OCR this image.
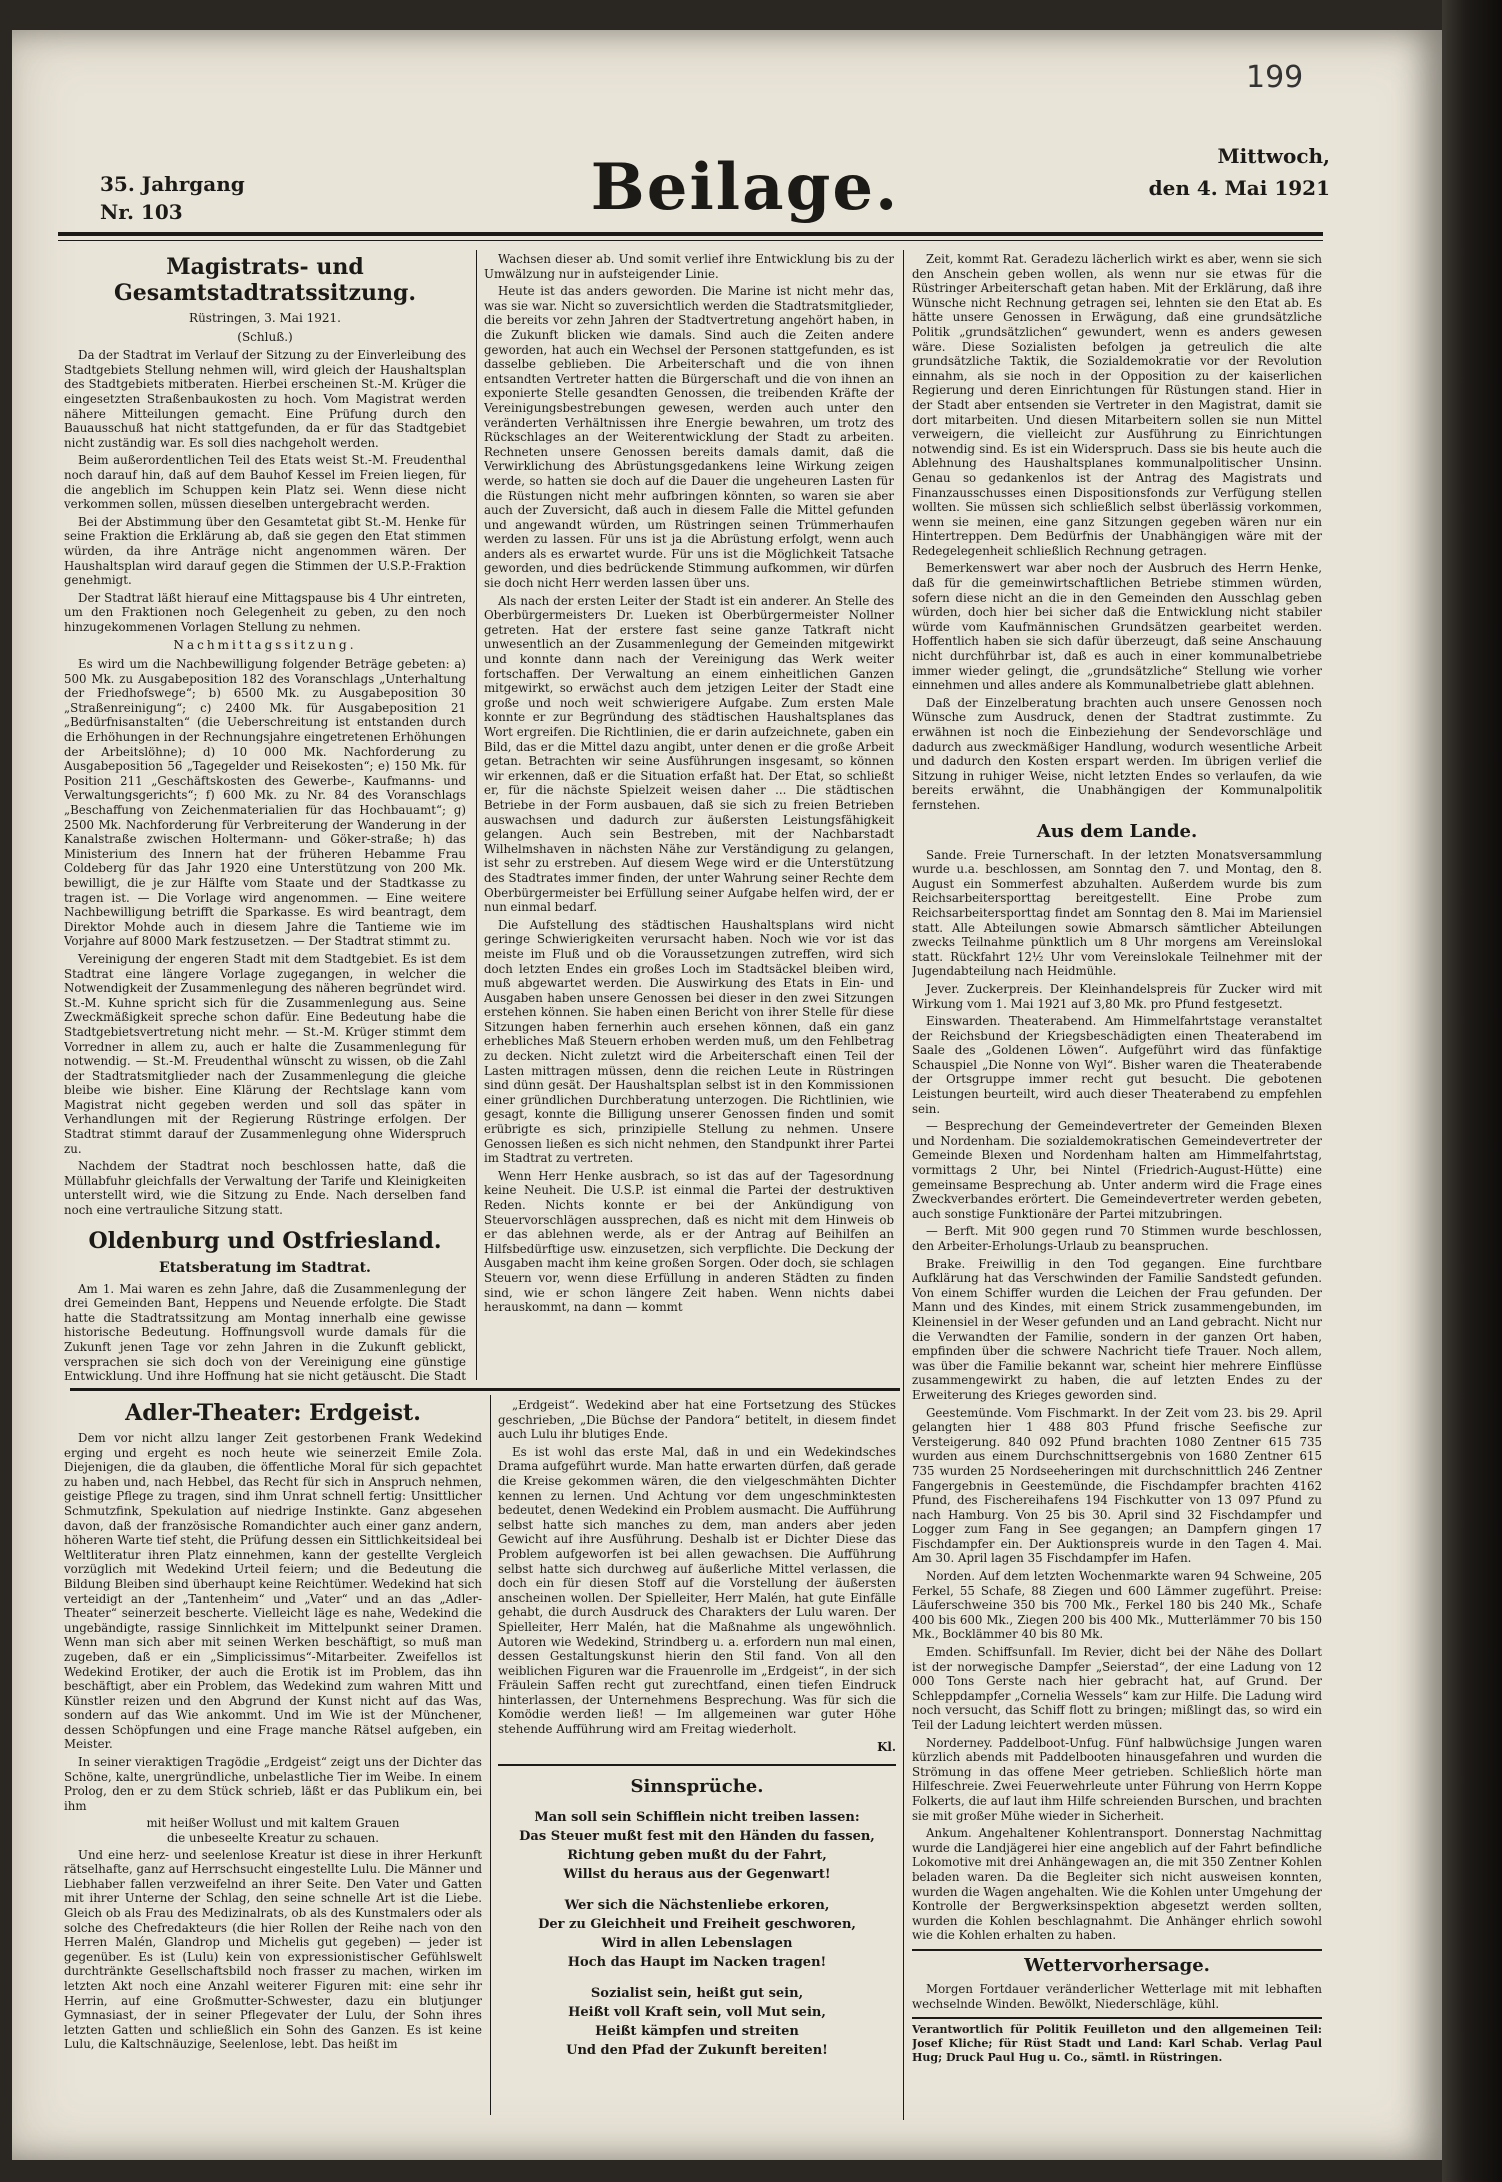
199
35. Jahrgang
Nr. 103	Beilage.	Mittwoch,
den 4. Mai 1921
Magistrats- und Gesamtstadtratssitzung.
Rüstringen, 3. Mai 1921.
(Schluß.)

Da der Stadtrat im Verlauf der Sitzung zu der Einverleibung des Stadtgebiets Stellung nehmen will, wird gleich der Haushaltsplan des Stadtgebiets mitberaten. Hierbei erscheinen St.-M. Krüger die eingesetzten Straßenbaukosten zu hoch. Vom Magistrat werden nähere Mitteilungen gemacht. Eine Prüfung durch den Bauausschuß hat nicht stattgefunden, da er für das Stadtgebiet nicht zuständig war. Es soll dies nachgeholt werden.

Beim außerordentlichen Teil des Etats weist St.-M. Freudenthal noch darauf hin, daß auf dem Bauhof Kessel im Freien liegen, für die angeblich im Schuppen kein Platz sei. Wenn diese nicht verkommen sollen, müssen dieselben untergebracht werden.

Bei der Abstimmung über den Gesamtetat gibt St.-M. Henke für seine Fraktion die Erklärung ab, daß sie gegen den Etat stimmen würden, da ihre Anträge nicht angenommen wären. Der Haushaltsplan wird darauf gegen die Stimmen der U.S.P.-Fraktion genehmigt.

Der Stadtrat läßt hierauf eine Mittagspause bis 4 Uhr eintreten, um den Fraktionen noch Gelegenheit zu geben, zu den noch hinzugekommenen Vorlagen Stellung zu nehmen.

Nachmittagssitzung.

Es wird um die Nachbewilligung folgender Beträge gebeten: a) 500 Mk. zu Ausgabeposition 182 des Voranschlags „Unterhaltung der Friedhofswege“; b) 6500 Mk. zu Ausgabeposition 30 „Straßenreinigung“; c) 2400 Mk. für Ausgabeposition 21 „Bedürfnisanstalten“ (die Ueberschreitung ist entstanden durch die Erhöhungen in der Rechnungsjahre eingetretenen Erhöhungen der Arbeitslöhne); d) 10 000 Mk. Nachforderung zu Ausgabeposition 56 „Tagegelder und Reisekosten“; e) 150 Mk. für Position 211 „Geschäftskosten des Gewerbe-, Kaufmanns- und Verwaltungsgerichts“; f) 600 Mk. zu Nr. 84 des Voranschlags „Beschaffung von Zeichenmaterialien für das Hochbauamt“; g) 2500 Mk. Nachforderung für Verbreiterung der Wanderung in der Kanalstraße zwischen Holtermann- und Göker-straße; h) das Ministerium des Innern hat der früheren Hebamme Frau Coldeberg für das Jahr 1920 eine Unterstützung von 200 Mk. bewilligt, die je zur Hälfte vom Staate und der Stadtkasse zu tragen ist. — Die Vorlage wird angenommen. — Eine weitere Nachbewilligung betrifft die Sparkasse. Es wird beantragt, dem Direktor Mohde auch in diesem Jahre die Tantieme wie im Vorjahre auf 8000 Mark festzusetzen. — Der Stadtrat stimmt zu.

Vereinigung der engeren Stadt mit dem Stadtgebiet. Es ist dem Stadtrat eine längere Vorlage zugegangen, in welcher die Notwendigkeit der Zusammenlegung des näheren begründet wird. St.-M. Kuhne spricht sich für die Zusammenlegung aus. Seine Zweckmäßigkeit spreche schon dafür. Eine Bedeutung habe die Stadtgebietsvertretung nicht mehr. — St.-M. Krüger stimmt dem Vorredner in allem zu, auch er halte die Zusammenlegung für notwendig. — St.-M. Freudenthal wünscht zu wissen, ob die Zahl der Stadtratsmitglieder nach der Zusammenlegung die gleiche bleibe wie bisher. Eine Klärung der Rechtslage kann vom Magistrat nicht gegeben werden und soll das später in Verhandlungen mit der Regierung Rüstringe erfolgen. Der Stadtrat stimmt darauf der Zusammenlegung ohne Widerspruch zu.

Nachdem der Stadtrat noch beschlossen hatte, daß die Müllabfuhr gleichfalls der Verwaltung der Tarife und Kleinigkeiten unterstellt wird, wie die Sitzung zu Ende. Nach derselben fand noch eine vertrauliche Sitzung statt.

Oldenburg und Ostfriesland.
Etatsberatung im Stadtrat.

Am 1. Mai waren es zehn Jahre, daß die Zusammenlegung der drei Gemeinden Bant, Heppens und Neuende erfolgte. Die Stadt hatte die Stadtratssitzung am Montag innerhalb eine gewisse historische Bedeutung. Hoffnungsvoll wurde damals für die Zukunft jenen Tage vor zehn Jahren in die Zukunft geblickt, versprachen sie sich doch von der Vereinigung eine günstige Entwicklung. Und ihre Hoffnung hat sie nicht getäuscht. Die Stadt

Wachsen dieser ab. Und somit verlief ihre Entwicklung bis zu der Umwälzung nur in aufsteigender Linie.

Heute ist das anders geworden. Die Marine ist nicht mehr das, was sie war. Nicht so zuversichtlich werden die Stadtratsmitglieder, die bereits vor zehn Jahren der Stadtvertretung angehört haben, in die Zukunft blicken wie damals. Sind auch die Zeiten andere geworden, hat auch ein Wechsel der Personen stattgefunden, es ist dasselbe geblieben. Die Arbeiterschaft und die von ihnen entsandten Vertreter hatten die Bürgerschaft und die von ihnen an exponierte Stelle gesandten Genossen, die treibenden Kräfte der Vereinigungsbestrebungen gewesen, werden auch unter den veränderten Verhältnissen ihre Energie bewahren, um trotz des Rückschlages an der Weiterentwicklung der Stadt zu arbeiten. Rechneten unsere Genossen bereits damals damit, daß die Verwirklichung des Abrüstungsgedankens leine Wirkung zeigen werde, so hatten sie doch auf die Dauer die ungeheuren Lasten für die Rüstungen nicht mehr aufbringen könnten, so waren sie aber auch der Zuversicht, daß auch in diesem Falle die Mittel gefunden und angewandt würden, um Rüstringen seinen Trümmerhaufen werden zu lassen. Für uns ist ja die Abrüstung erfolgt, wenn auch anders als es erwartet wurde. Für uns ist die Möglichkeit Tatsache geworden, und dies bedrückende Stimmung aufkommen, wir dürfen sie doch nicht Herr werden lassen über uns.

Als nach der ersten Leiter der Stadt ist ein anderer. An Stelle des Oberbürgermeisters Dr. Lueken ist Oberbürgermeister Nollner getreten. Hat der erstere fast seine ganze Tatkraft nicht unwesentlich an der Zusammenlegung der Gemeinden mitgewirkt und konnte dann nach der Vereinigung das Werk weiter fortschaffen. Der Verwaltung an einem einheitlichen Ganzen mitgewirkt, so erwächst auch dem jetzigen Leiter der Stadt eine große und noch weit schwierigere Aufgabe. Zum ersten Male konnte er zur Begründung des städtischen Haushaltsplanes das Wort ergreifen. Die Richtlinien, die er darin aufzeichnete, gaben ein Bild, das er die Mittel dazu angibt, unter denen er die große Arbeit getan. Betrachten wir seine Ausführungen insgesamt, so können wir erkennen, daß er die Situation erfaßt hat. Der Etat, so schließt er, für die nächste Spielzeit weisen daher ... Die städtischen Betriebe in der Form ausbauen, daß sie sich zu freien Betrieben auswachsen und dadurch zur äußersten Leistungsfähigkeit gelangen. Auch sein Bestreben, mit der Nachbarstadt Wilhelmshaven in nächsten Nähe zur Verständigung zu gelangen, ist sehr zu erstreben. Auf diesem Wege wird er die Unterstützung des Stadtrates immer finden, der unter Wahrung seiner Rechte dem Oberbürgermeister bei Erfüllung seiner Aufgabe helfen wird, der er nun einmal bedarf.

Die Aufstellung des städtischen Haushaltsplans wird nicht geringe Schwierigkeiten verursacht haben. Noch wie vor ist das meiste im Fluß und ob die Voraussetzungen zutreffen, wird sich doch letzten Endes ein großes Loch im Stadtsäckel bleiben wird, muß abgewartet werden. Die Auswirkung des Etats in Ein- und Ausgaben haben unsere Genossen bei dieser in den zwei Sitzungen erstehen können. Sie haben einen Bericht von ihrer Stelle für diese Sitzungen haben fernerhin auch ersehen können, daß ein ganz erhebliches Maß Steuern erhoben werden muß, um den Fehlbetrag zu decken. Nicht zuletzt wird die Arbeiterschaft einen Teil der Lasten mittragen müssen, denn die reichen Leute in Rüstringen sind dünn gesät. Der Haushaltsplan selbst ist in den Kommissionen einer gründlichen Durchberatung unterzogen. Die Richtlinien, wie gesagt, konnte die Billigung unserer Genossen finden und somit erübrigte es sich, prinzipielle Stellung zu nehmen. Unsere Genossen ließen es sich nicht nehmen, den Standpunkt ihrer Partei im Stadtrat zu vertreten.

Wenn Herr Henke ausbrach, so ist das auf der Tagesordnung keine Neuheit. Die U.S.P. ist einmal die Partei der destruktiven Reden. Nichts konnte er bei der Ankündigung von Steuervorschlägen aussprechen, daß es nicht mit dem Hinweis ob er das ablehnen werde, als er der Antrag auf Beihilfen an Hilfsbedürftige usw. einzusetzen, sich verpflichte. Die Deckung der Ausgaben macht ihm keine großen Sorgen. Oder doch, sie schlagen Steuern vor, wenn diese Erfüllung in anderen Städten zu finden sind, wie er schon längere Zeit haben. Wenn nichts dabei herauskommt, na dann — kommt

Zeit, kommt Rat. Geradezu lächerlich wirkt es aber, wenn sie sich den Anschein geben wollen, als wenn nur sie etwas für die Rüstringer Arbeiterschaft getan haben. Mit der Erklärung, daß ihre Wünsche nicht Rechnung getragen sei, lehnten sie den Etat ab. Es hätte unsere Genossen in Erwägung, daß eine grundsätzliche Politik „grundsätzlichen“ gewundert, wenn es anders gewesen wäre. Diese Sozialisten befolgen ja getreulich die alte grundsätzliche Taktik, die Sozialdemokratie vor der Revolution einnahm, als sie noch in der Opposition zu der kaiserlichen Regierung und deren Einrichtungen für Rüstungen stand. Hier in der Stadt aber entsenden sie Vertreter in den Magistrat, damit sie dort mitarbeiten. Und diesen Mitarbeitern sollen sie nun Mittel verweigern, die vielleicht zur Ausführung zu Einrichtungen notwendig sind. Es ist ein Widerspruch. Dass sie bis heute auch die Ablehnung des Haushaltsplanes kommunalpolitischer Unsinn. Genau so gedankenlos ist der Antrag des Magistrats und Finanzausschusses einen Dispositionsfonds zur Verfügung stellen wollten. Sie müssen sich schließlich selbst überlässig vorkommen, wenn sie meinen, eine ganz Sitzungen gegeben wären nur ein Hintertreppen. Dem Bedürfnis der Unabhängigen wäre mit der Redegelegenheit schließlich Rechnung getragen.

Bemerkenswert war aber noch der Ausbruch des Herrn Henke, daß für die gemeinwirtschaftlichen Betriebe stimmen würden, sofern diese nicht an die in den Gemeinden den Ausschlag geben würden, doch hier bei sicher daß die Entwicklung nicht stabiler würde vom Kaufmännischen Grundsätzen gearbeitet werden. Hoffentlich haben sie sich dafür überzeugt, daß seine Anschauung nicht durchführbar ist, daß es auch in einer kommunalbetriebe immer wieder gelingt, die „grundsätzliche“ Stellung wie vorher einnehmen und alles andere als Kommunalbetriebe glatt ablehnen.

Daß der Einzelberatung brachten auch unsere Genossen noch Wünsche zum Ausdruck, denen der Stadtrat zustimmte. Zu erwähnen ist noch die Einbeziehung der Sendevorschläge und dadurch aus zweckmäßiger Handlung, wodurch wesentliche Arbeit und dadurch den Kosten erspart werden. Im übrigen verlief die Sitzung in ruhiger Weise, nicht letzten Endes so verlaufen, da wie bereits erwähnt, die Unabhängigen der Kommunalpolitik fernstehen.

Aus dem Lande.

Sande. Freie Turnerschaft. In der letzten Monatsversammlung wurde u.a. beschlossen, am Sonntag den 7. und Montag, den 8. August ein Sommerfest abzuhalten. Außerdem wurde bis zum Reichsarbeitersporttag bereitgestellt. Eine Probe zum Reichsarbeitersporttag findet am Sonntag den 8. Mai im Mariensiel statt. Alle Abteilungen sowie Abmarsch sämtlicher Abteilungen zwecks Teilnahme pünktlich um 8 Uhr morgens am Vereinslokal statt. Rückfahrt 12½ Uhr vom Vereinslokale Teilnehmer mit der Jugendabteilung nach Heidmühle.

Jever. Zuckerpreis. Der Kleinhandelspreis für Zucker wird mit Wirkung vom 1. Mai 1921 auf 3,80 Mk. pro Pfund festgesetzt.

Einswarden. Theaterabend. Am Himmelfahrtstage veranstaltet der Reichsbund der Kriegsbeschädigten einen Theaterabend im Saale des „Goldenen Löwen“. Aufgeführt wird das fünfaktige Schauspiel „Die Nonne von Wyl“. Bisher waren die Theaterabende der Ortsgruppe immer recht gut besucht. Die gebotenen Leistungen beurteilt, wird auch dieser Theaterabend zu empfehlen sein.

— Besprechung der Gemeindevertreter der Gemeinden Blexen und Nordenham. Die sozialdemokratischen Gemeindevertreter der Gemeinde Blexen und Nordenham halten am Himmelfahrtstag, vormittags 2 Uhr, bei Nintel (Friedrich-August-Hütte) eine gemeinsame Besprechung ab. Unter anderm wird die Frage eines Zweckverbandes erörtert. Die Gemeindevertreter werden gebeten, auch sonstige Funktionäre der Partei mitzubringen.

— Berft. Mit 900 gegen rund 70 Stimmen wurde beschlossen, den Arbeiter-Erholungs-Urlaub zu beanspruchen.

Brake. Freiwillig in den Tod gegangen. Eine furchtbare Aufklärung hat das Verschwinden der Familie Sandstedt gefunden. Von einem Schiffer wurden die Leichen der Frau gefunden. Der Mann und des Kindes, mit einem Strick zusammengebunden, im Kleinensiel in der Weser gefunden und an Land gebracht. Nicht nur die Verwandten der Familie, sondern in der ganzen Ort haben, empfinden über die schwere Nachricht tiefe Trauer. Noch allem, was über die Familie bekannt war, scheint hier mehrere Einflüsse zusammengewirkt zu haben, die auf letzten Endes zu der Erweiterung des Krieges geworden sind.

Geestemünde. Vom Fischmarkt. In der Zeit vom 23. bis 29. April gelangten hier 1 488 803 Pfund frische Seefische zur Versteigerung. 840 092 Pfund brachten 1080 Zentner 615 735 wurden aus einem Durchschnittsergebnis von 1680 Zentner 615 735 wurden 25 Nordseeheringen mit durchschnittlich 246 Zentner Fangergebnis in Geestemünde, die Fischdampfer brachten 4162 Pfund, des Fischereihafens 194 Fischkutter von 13 097 Pfund zu nach Hamburg. Von 25 bis 30. April sind 32 Fischdampfer und Logger zum Fang in See gegangen; an Dampfern gingen 17 Fischdampfer ein. Der Auktionspreis wurde in den Tagen 4. Mai. Am 30. April lagen 35 Fischdampfer im Hafen.

Norden. Auf dem letzten Wochenmarkte waren 94 Schweine, 205 Ferkel, 55 Schafe, 88 Ziegen und 600 Lämmer zugeführt. Preise: Läuferschweine 350 bis 700 Mk., Ferkel 180 bis 240 Mk., Schafe 400 bis 600 Mk., Ziegen 200 bis 400 Mk., Mutterlämmer 70 bis 150 Mk., Bocklämmer 40 bis 80 Mk.

Emden. Schiffsunfall. Im Revier, dicht bei der Nähe des Dollart ist der norwegische Dampfer „Seierstad“, der eine Ladung von 12 000 Tons Gerste nach hier gebracht hat, auf Grund. Der Schleppdampfer „Cornelia Wessels“ kam zur Hilfe. Die Ladung wird noch versucht, das Schiff flott zu bringen; mißlingt das, so wird ein Teil der Ladung leichtert werden müssen.

Norderney. Paddelboot-Unfug. Fünf halbwüchsige Jungen waren kürzlich abends mit Paddelbooten hinausgefahren und wurden die Strömung in das offene Meer getrieben. Schließlich hörte man Hilfeschreie. Zwei Feuerwehrleute unter Führung von Herrn Koppe Folkerts, die auf laut ihm Hilfe schreienden Burschen, und brachten sie mit großer Mühe wieder in Sicherheit.

Ankum. Angehaltener Kohlentransport. Donnerstag Nachmittag wurde die Landjägerei hier eine angeblich auf der Fahrt befindliche Lokomotive mit drei Anhängewagen an, die mit 350 Zentner Kohlen beladen waren. Da die Begleiter sich nicht ausweisen konnten, wurden die Wagen angehalten. Wie die Kohlen unter Umgehung der Kontrolle der Bergwerksinspektion abgesetzt werden sollten, wurden die Kohlen beschlagnahmt. Die Anhänger ehrlich sowohl wie die Kohlen erhalten zu haben.

Wettervorhersage.

Morgen Fortdauer veränderlicher Wetterlage mit mit lebhaften wechselnde Winden. Bewölkt, Niederschläge, kühl.

Verantwortlich für Politik Feuilleton und den allgemeinen Teil: Josef Kliche; für Rüst Stadt und Land: Karl Schab. Verlag Paul Hug; Druck Paul Hug u. Co., sämtl. in Rüstringen.
Adler-Theater: Erdgeist.

Dem vor nicht allzu langer Zeit gestorbenen Frank Wedekind erging und ergeht es noch heute wie seinerzeit Emile Zola. Diejenigen, die da glauben, die öffentliche Moral für sich gepachtet zu haben und, nach Hebbel, das Recht für sich in Anspruch nehmen, geistige Pflege zu tragen, sind ihm Unrat schnell fertig: Unsittlicher Schmutzfink, Spekulation auf niedrige Instinkte. Ganz abgesehen davon, daß der französische Romandichter auch einer ganz andern, höheren Warte tief steht, die Prüfung dessen ein Sittlichkeitsideal bei Weltliteratur ihren Platz einnehmen, kann der gestellte Vergleich vorzüglich mit Wedekind Urteil feiern; und die Bedeutung die Bildung Bleiben sind überhaupt keine Reichtümer. Wedekind hat sich verteidigt an der „Tantenheim“ und „Vater“ und an das „Adler-Theater“ seinerzeit bescherte. Vielleicht läge es nahe, Wedekind die ungebändigte, rassige Sinnlichkeit im Mittelpunkt seiner Dramen. Wenn man sich aber mit seinen Werken beschäftigt, so muß man zugeben, daß er ein „Simplicissimus“-Mitarbeiter. Zweifellos ist Wedekind Erotiker, der auch die Erotik ist im Problem, das ihn beschäftigt, aber ein Problem, das Wedekind zum wahren Mitt und Künstler reizen und den Abgrund der Kunst nicht auf das Was, sondern auf das Wie ankommt. Und im Wie ist der Münchener, dessen Schöpfungen und eine Frage manche Rätsel aufgeben, ein Meister.

In seiner vieraktigen Tragödie „Erdgeist“ zeigt uns der Dichter das Schöne, kalte, unergründliche, unbelastliche Tier im Weibe. In einem Prolog, den er zu dem Stück schrieb, läßt er das Publikum ein, bei ihm

mit heißer Wollust und mit kaltem Grauen
die unbeseelte Kreatur zu schauen.

Und eine herz- und seelenlose Kreatur ist diese in ihrer Herkunft rätselhafte, ganz auf Herrschsucht eingestellte Lulu. Die Männer und Liebhaber fallen verzweifelnd an ihrer Seite. Den Vater und Gatten mit ihrer Unterne der Schlag, den seine schnelle Art ist die Liebe. Gleich ob als Frau des Medizinalrats, ob als des Kunstmalers oder als solche des Chefredakteurs (die hier Rollen der Reihe nach von den Herren Malén, Glandrop und Michelis gut gegeben) — jeder ist gegenüber. Es ist (Lulu) kein von expressionistischer Gefühlswelt durchtränkte Gesellschaftsbild noch frasser zu machen, wirken im letzten Akt noch eine Anzahl weiterer Figuren mit: eine sehr ihr Herrin, auf eine Großmutter-Schwester, dazu ein blutjunger Gymnasiast, der in seiner Pflegevater der Lulu, der Sohn ihres letzten Gatten und schließlich ein Sohn des Ganzen. Es ist keine Lulu, die Kaltschnäuzige, Seelenlose, lebt. Das heißt im

„Erdgeist“. Wedekind aber hat eine Fortsetzung des Stückes geschrieben, „Die Büchse der Pandora“ betitelt, in diesem findet auch Lulu ihr blutiges Ende.

Es ist wohl das erste Mal, daß in und ein Wedekindsches Drama aufgeführt wurde. Man hatte erwarten dürfen, daß gerade die Kreise gekommen wären, die den vielgeschmähten Dichter kennen zu lernen. Und Achtung vor dem ungeschminktesten bedeutet, denen Wedekind ein Problem ausmacht. Die Aufführung selbst hatte sich manches zu dem, man anders aber jeden Gewicht auf ihre Ausführung. Deshalb ist er Dichter Diese das Problem aufgeworfen ist bei allen gewachsen. Die Aufführung selbst hatte sich durchweg auf äußerliche Mittel verlassen, die doch ein für diesen Stoff auf die Vorstellung der äußersten anscheinen wollen. Der Spielleiter, Herr Malén, hat gute Einfälle gehabt, die durch Ausdruck des Charakters der Lulu waren. Der Spielleiter, Herr Malén, hat die Maßnahme als ungewöhnlich. Autoren wie Wedekind, Strindberg u. a. erfordern nun mal einen, dessen Gestaltungskunst hierin den Stil fand. Von all den weiblichen Figuren war die Frauenrolle im „Erdgeist“, in der sich Fräulein Saffen recht gut zurechtfand, einen tiefen Eindruck hinterlassen, der Unternehmens Besprechung. Was für sich die Komödie werden ließ! — Im allgemeinen war guter Höhe stehende Aufführung wird am Freitag wiederholt.

Kl.
Sinnsprüche.
Man soll sein Schifflein nicht treiben lassen:
Das Steuer mußt fest mit den Händen du fassen,
Richtung geben mußt du der Fahrt,
Willst du heraus aus der Gegenwart!
Wer sich die Nächstenliebe erkoren,
Der zu Gleichheit und Freiheit geschworen,
Wird in allen Lebenslagen
Hoch das Haupt im Nacken tragen!
Sozialist sein, heißt gut sein,
Heißt voll Kraft sein, voll Mut sein,
Heißt kämpfen und streiten
Und den Pfad der Zukunft bereiten!
